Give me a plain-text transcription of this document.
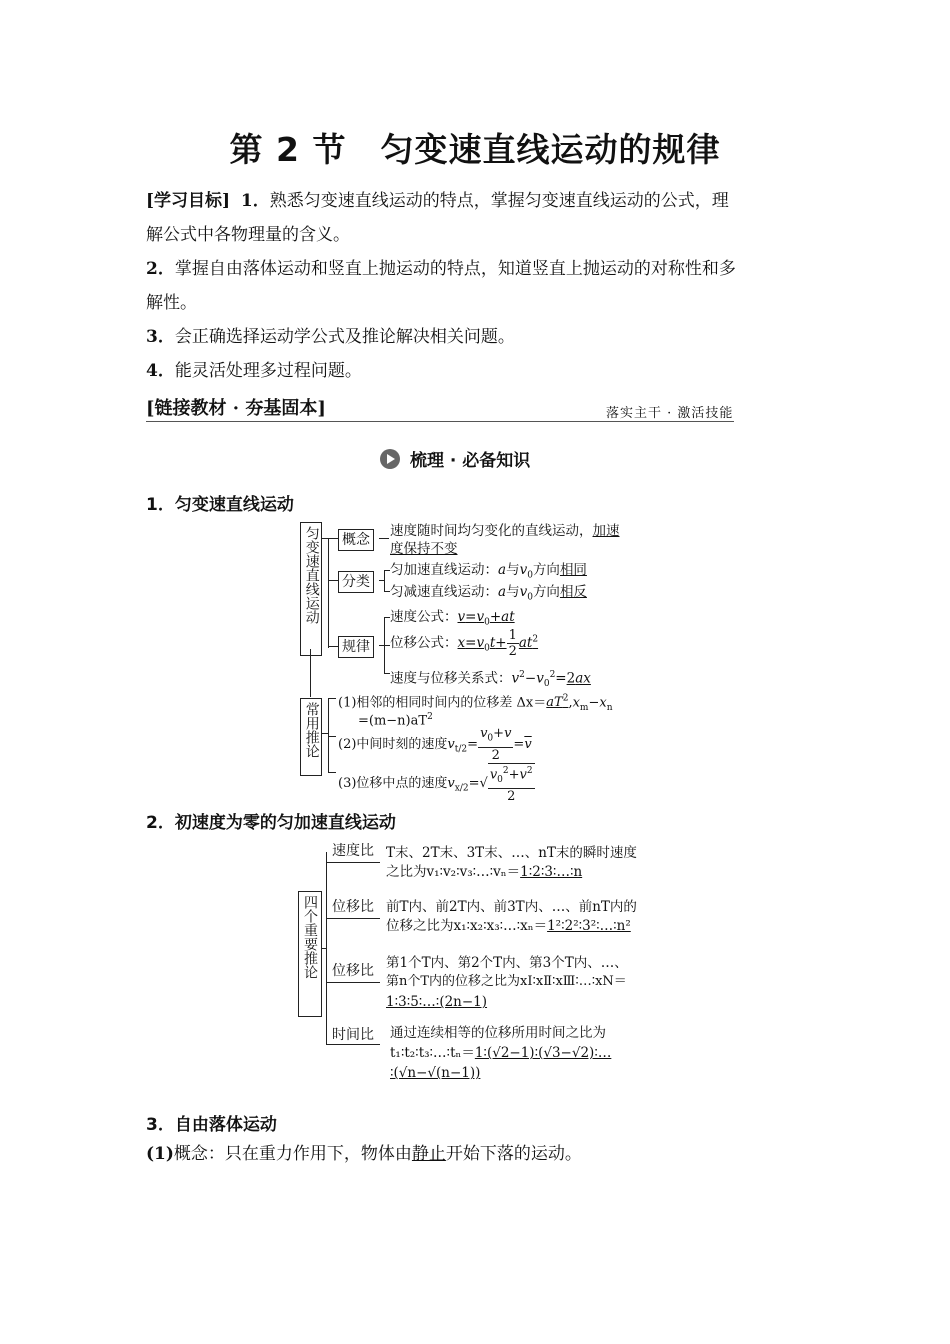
第 2 节 匀变速直线运动的规律
[学习目标] 1．熟悉匀变速直线运动的特点，掌握匀变速直线运动的公式，理
解公式中各物理量的含义。
2．掌握自由落体运动和竖直上抛运动的特点，知道竖直上抛运动的对称性和多
解性。
3．会正确选择运动学公式及推论解决相关问题。
4．能灵活处理多过程问题。
[链接教材 · 夯基固本]	落实主干 · 激活技能
梳理 · 必备知识
1．匀变速直线运动
匀变速直线运动 概念
速度随时间均匀变化的直线运动，加速
度保持不变
分类
匀加速直线运动：a与$v_0$方向相同
匀减速直线运动：a与$v_0$方向相反
规律
速度公式：$v=v_0+at$
位移公式：$x=v_0t+ \frac{1}{2} at^2$
速度与位移关系式：$v^2-v_0^2=2ax$
常用推论 (1)相邻的相同时间内的位移差 $\Delta x=aT^2,x_m-x_n$
$=(m-n)aT^2$
(2)中间时刻的速度$v_{t/2}= \frac{v_0+v}{2} =\overline{v}$
(3)位移中点的速度$v_{x/2}=√ \frac{v_0^2+v^2}{2}$
2．初速度为零的匀加速直线运动
四个重要推论
速度比 T末、2T末、3T末、…、nT末的瞬时速度
之比为v₁∶v₂∶v₃∶…∶vₙ＝1∶2∶3∶…∶n
位移比 前T内、前2T内、前3T内、…、前nT内的
位移之比为x₁∶x₂∶x₃∶…∶xₙ＝1²∶2²∶3²∶…∶n²
位移比 第1个T内、第2个T内、第3个T内、…、
第n个T内的位移之比为xⅠ∶xⅡ∶xⅢ∶…∶xN＝
1∶3∶5∶…∶(2n−1)
时间比 通过连续相等的位移所用时间之比为
t₁∶t₂∶t₃∶…∶tₙ＝1∶(√2−1)∶(√3−√2)∶…
∶(√n−√(n−1))
3．自由落体运动
(1)概念：只在重力作用下，物体由静止开始下落的运动。
